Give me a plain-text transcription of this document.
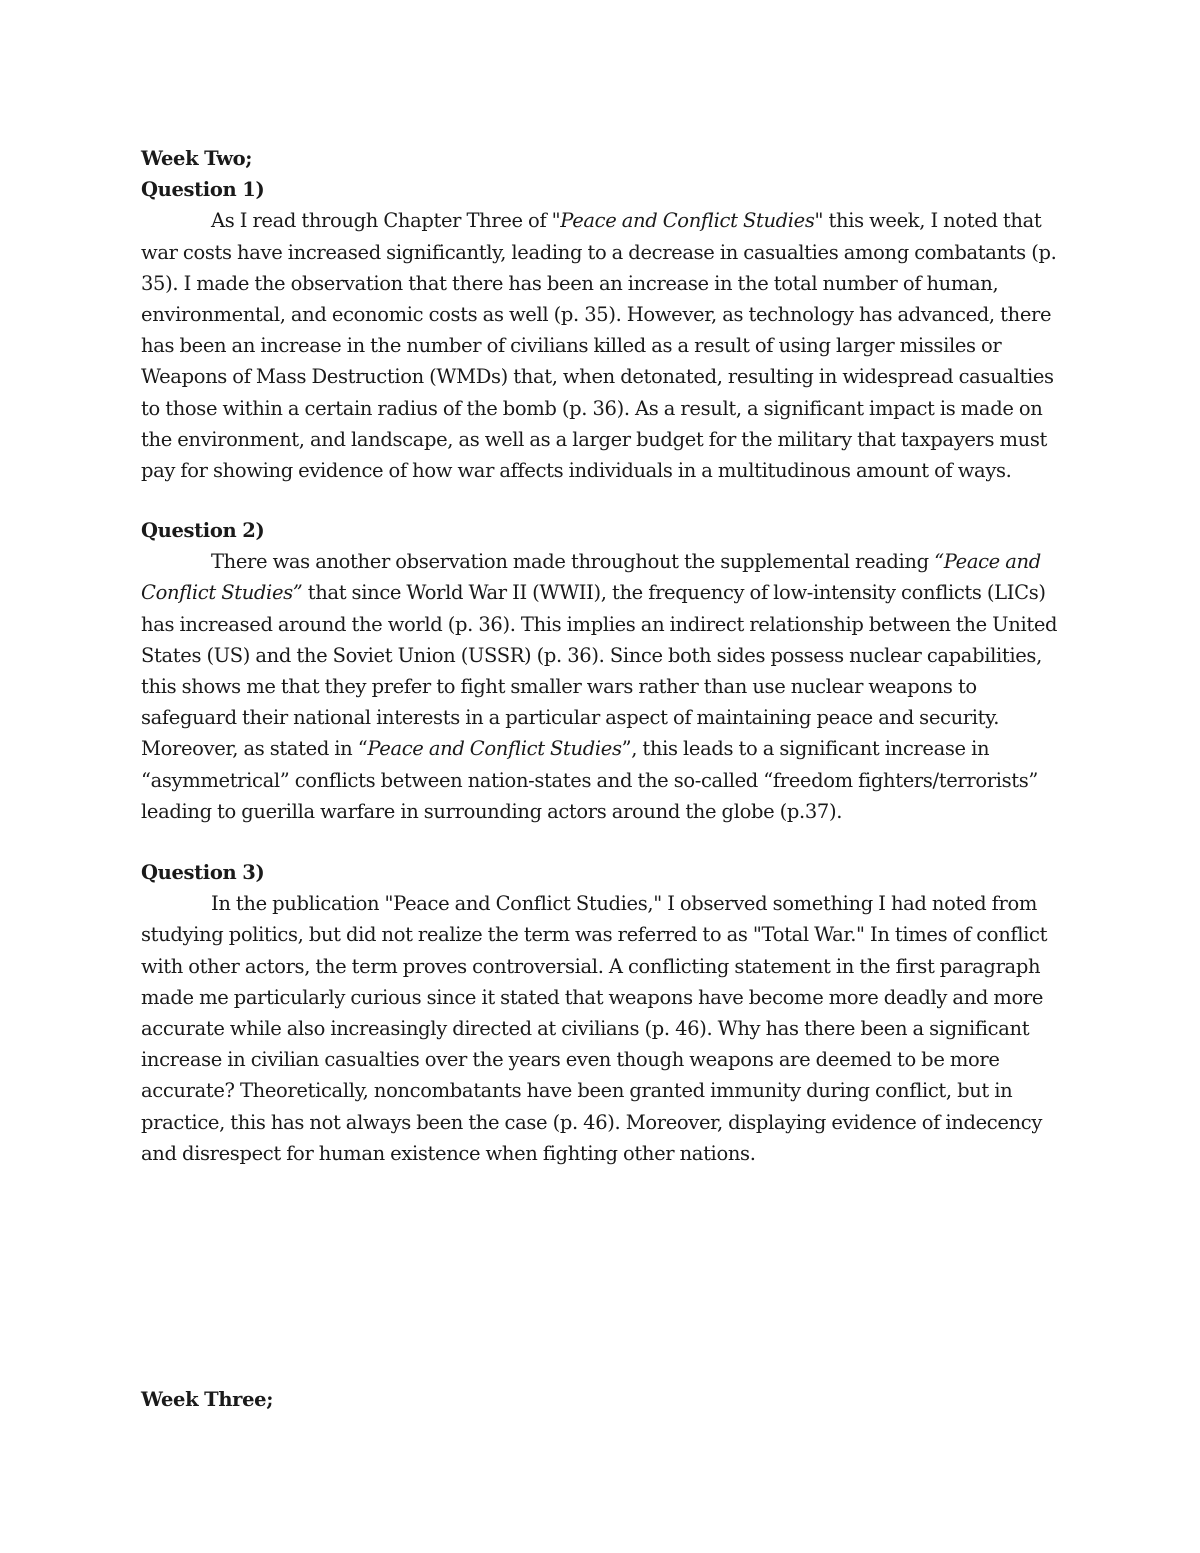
Week Two;
Question 1)

As I read through Chapter Three of "Peace and Conflict Studies" this week, I noted that war costs have increased significantly, leading to a decrease in casualties among combatants (p. 35). I made the observation that there has been an increase in the total number of human, environmental, and economic costs as well (p. 35). However, as technology has advanced, there has been an increase in the number of civilians killed as a result of using larger missiles or Weapons of Mass Destruction (WMDs) that, when detonated, resulting in widespread casualties to those within a certain radius of the bomb (p. 36). As a result, a significant impact is made on the environment, and landscape, as well as a larger budget for the military that taxpayers must pay for showing evidence of how war affects individuals in a multitudinous amount of ways.

Question 2)

There was another observation made throughout the supplemental reading “Peace and Conflict Studies” that since World War II (WWII), the frequency of low-intensity conflicts (LICs) has increased around the world (p. 36). This implies an indirect relationship between the United States (US) and the Soviet Union (USSR) (p. 36). Since both sides possess nuclear capabilities, this shows me that they prefer to fight smaller wars rather than use nuclear weapons to safeguard their national interests in a particular aspect of maintaining peace and security. Moreover, as stated in “Peace and Conflict Studies”, this leads to a significant increase in “asymmetrical” conflicts between nation-states and the so-called “freedom fighters/terrorists” leading to guerilla warfare in surrounding actors around the globe (p.37).

Question 3)

In the publication "Peace and Conflict Studies," I observed something I had noted from studying politics, but did not realize the term was referred to as "Total War." In times of conflict with other actors, the term proves controversial. A conflicting statement in the first paragraph made me particularly curious since it stated that weapons have become more deadly and more accurate while also increasingly directed at civilians (p. 46). Why has there been a significant increase in civilian casualties over the years even though weapons are deemed to be more accurate? Theoretically, noncombatants have been granted immunity during conflict, but in practice, this has not always been the case (p. 46). Moreover, displaying evidence of indecency and disrespect for human existence when fighting other nations.

Week Three;
